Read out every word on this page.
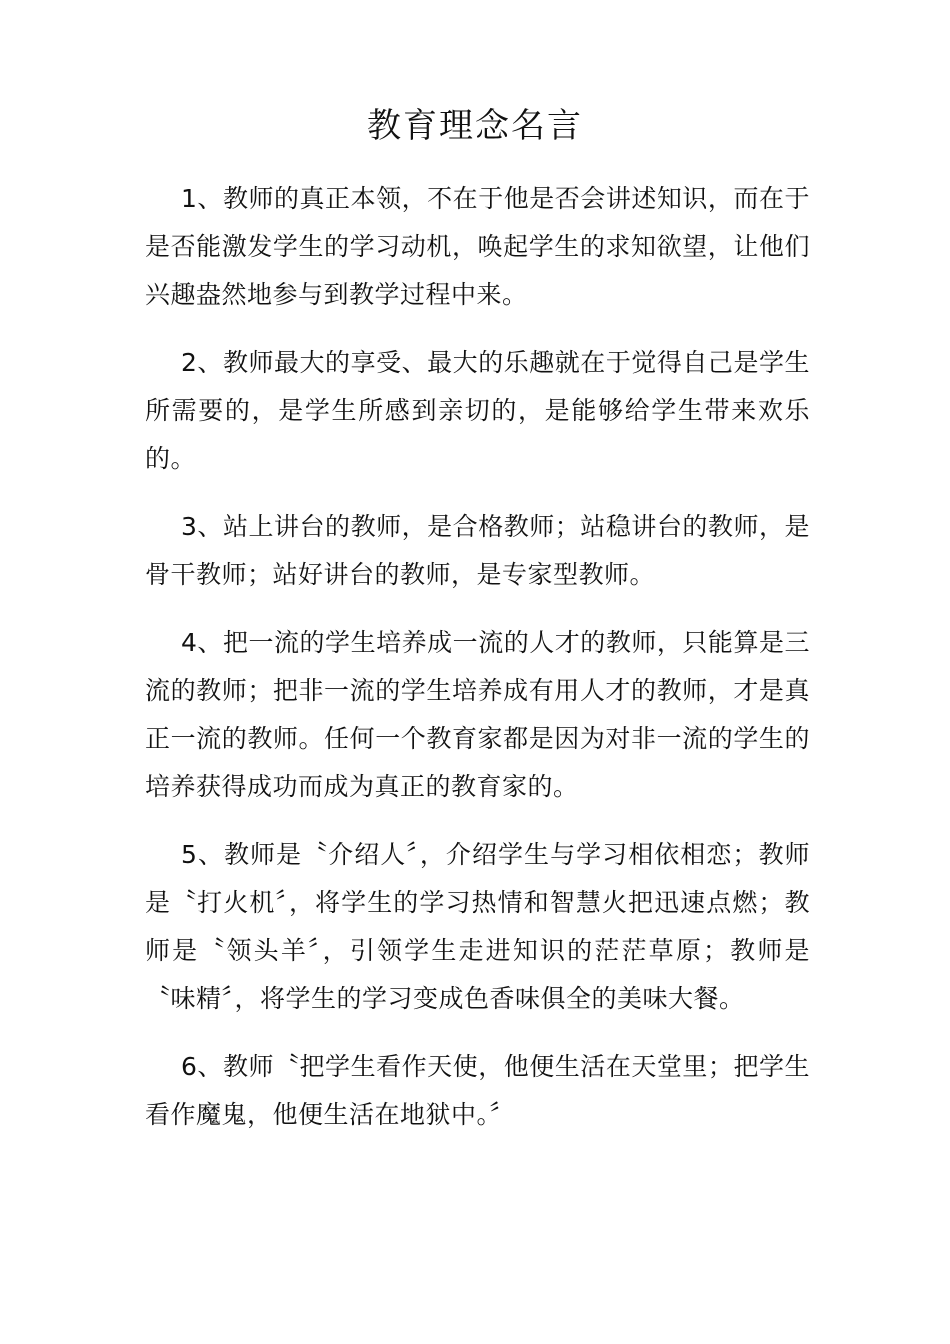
教育理念名言

1、教师的真正本领，不在于他是否会讲述知识，而在于是否能激发学生的学习动机，唤起学生的求知欲望，让他们兴趣盎然地参与到教学过程中来。

2、教师最大的享受、最大的乐趣就在于觉得自己是学生所需要的，是学生所感到亲切的，是能够给学生带来欢乐的。

3、站上讲台的教师，是合格教师；站稳讲台的教师，是骨干教师；站好讲台的教师，是专家型教师。

4、把一流的学生培养成一流的人才的教师，只能算是三流的教师；把非一流的学生培养成有用人才的教师，才是真正一流的教师。任何一个教育家都是因为对非一流的学生的培养获得成功而成为真正的教育家的。

5、教师是〝介绍人〞，介绍学生与学习相依相恋；教师是〝打火机〞，将学生的学习热情和智慧火把迅速点燃；教师是〝领头羊〞，引领学生走进知识的茫茫草原；教师是〝味精〞，将学生的学习变成色香味俱全的美味大餐。

6、教师〝把学生看作天使，他便生活在天堂里；把学生看作魔鬼，他便生活在地狱中。〞
